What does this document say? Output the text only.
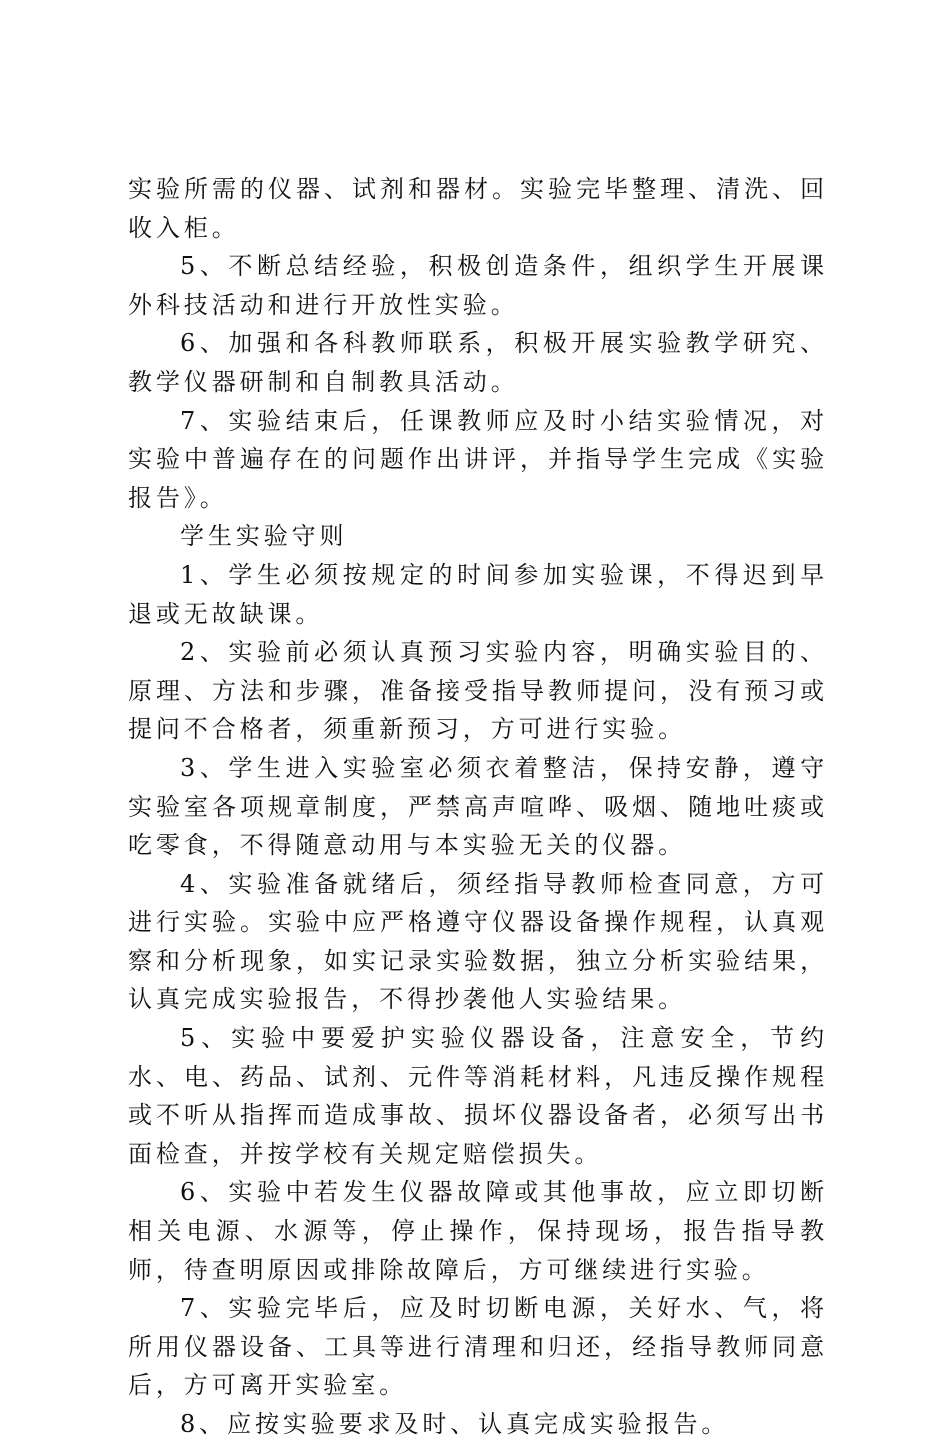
实验所需的仪器、试剂和器材。实验完毕整理、清洗、回收入柜。

5、不断总结经验，积极创造条件，组织学生开展课外科技活动和进行开放性实验。

6、加强和各科教师联系，积极开展实验教学研究、教学仪器研制和自制教具活动。

7、实验结束后，任课教师应及时小结实验情况，对实验中普遍存在的问题作出讲评，并指导学生完成《实验报告》。

学生实验守则

1、学生必须按规定的时间参加实验课，不得迟到早退或无故缺课。

2、实验前必须认真预习实验内容，明确实验目的、原理、方法和步骤，准备接受指导教师提问，没有预习或提问不合格者，须重新预习，方可进行实验。

3、学生进入实验室必须衣着整洁，保持安静，遵守实验室各项规章制度，严禁高声喧哗、吸烟、随地吐痰或吃零食，不得随意动用与本实验无关的仪器。

4、实验准备就绪后，须经指导教师检查同意，方可进行实验。实验中应严格遵守仪器设备操作规程，认真观察和分析现象，如实记录实验数据，独立分析实验结果，认真完成实验报告，不得抄袭他人实验结果。

5、实验中要爱护实验仪器设备，注意安全，节约水、电、药品、试剂、元件等消耗材料，凡违反操作规程或不听从指挥而造成事故、损坏仪器设备者，必须写出书面检查，并按学校有关规定赔偿损失。

6、实验中若发生仪器故障或其他事故，应立即切断相关电源、水源等，停止操作，保持现场，报告指导教师，待查明原因或排除故障后，方可继续进行实验。

7、实验完毕后，应及时切断电源，关好水、气，将所用仪器设备、工具等进行清理和归还，经指导教师同意后，方可离开实验室。

8、应按实验要求及时、认真完成实验报告。
